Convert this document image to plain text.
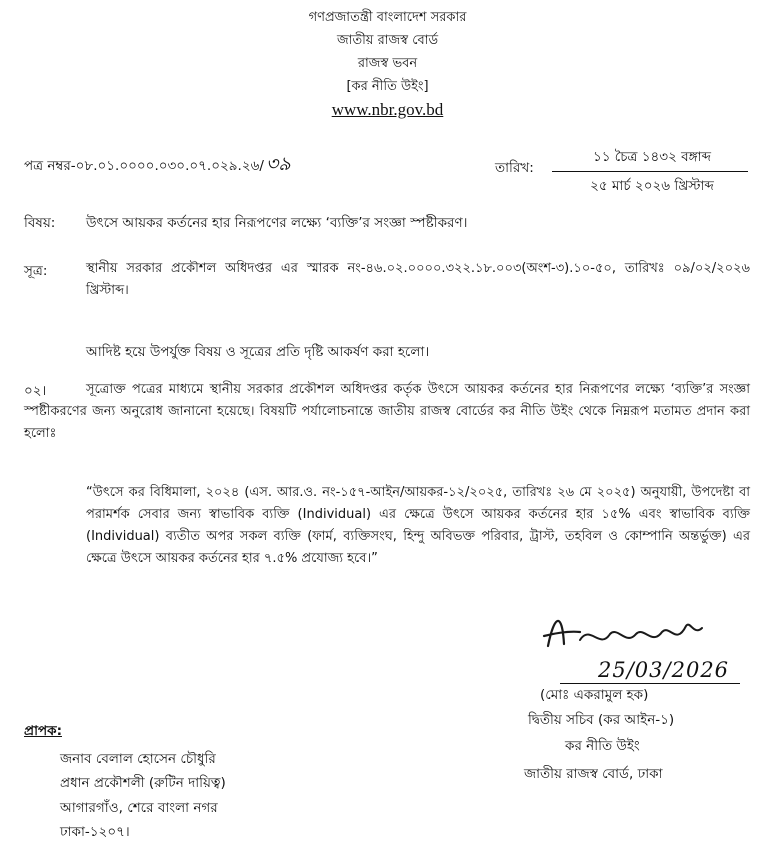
গণপ্রজাতন্ত্রী বাংলাদেশ সরকার
জাতীয় রাজস্ব বোর্ড
রাজস্ব ভবন
[কর নীতি উইং]
www.nbr.gov.bd
পত্র নম্বর-০৮.০১.০০০০.০৩০.০৭.০২৯.২৬/ ৩৯	তারিখ:
১১ চৈত্র ১৪৩২ বঙ্গাব্দ
২৫ মার্চ ২০২৬ খ্রিস্টাব্দ
বিষয়: উৎসে আয়কর কর্তনের হার নিরূপণের লক্ষ্যে ‘ব্যক্তি’র সংজ্ঞা স্পষ্টীকরণ।
সূত্র:	স্থানীয় সরকার প্রকৌশল অধিদপ্তর এর স্মারক নং-৪৬.০২.০০০০.৩২২.১৮.০০৩(অংশ-৩).১০-৫০, তারিখঃ ০৯/০২/২০২৬ খ্রিস্টাব্দ।
আদিষ্ট হয়ে উপর্যুক্ত বিষয় ও সূত্রের প্রতি দৃষ্টি আকর্ষণ করা হলো।
০২।	সূত্রোক্ত পত্রের মাধ্যমে স্থানীয় সরকার প্রকৌশল অধিদপ্তর কর্তৃক উৎসে আয়কর কর্তনের হার নিরূপণের লক্ষ্যে ‘ব্যক্তি’র সংজ্ঞা স্পষ্টীকরণের জন্য অনুরোধ জানানো হয়েছে। বিষয়টি পর্যালোচনান্তে জাতীয় রাজস্ব বোর্ডের কর নীতি উইং থেকে নিম্নরূপ মতামত প্রদান করা হলোঃ
“উৎসে কর বিধিমালা, ২০২৪ (এস. আর.ও. নং-১৫৭-আইন/আয়কর-১২/২০২৫, তারিখঃ ২৬ মে ২০২৫) অনুযায়ী, উপদেষ্টা বা পরামর্শক সেবার জন্য স্বাভাবিক ব্যক্তি (Individual) এর ক্ষেত্রে উৎসে আয়কর কর্তনের হার ১৫% এবং স্বাভাবিক ব্যক্তি (Individual) ব্যতীত অপর সকল ব্যক্তি (ফার্ম, ব্যক্তিসংঘ, হিন্দু অবিভক্ত পরিবার, ট্রাস্ট, তহবিল ও কোম্পানি অন্তর্ভুক্ত) এর ক্ষেত্রে উৎসে আয়কর কর্তনের হার ৭.৫% প্রযোজ্য হবে।”
25/03/2026
(মোঃ একরামুল হক)
দ্বিতীয় সচিব (কর আইন-১)
কর নীতি উইং
জাতীয় রাজস্ব বোর্ড, ঢাকা
প্রাপক:
জনাব বেলাল হোসেন চৌধুরি
প্রধান প্রকৌশলী (রুটিন দায়িত্ব)
আগারগাঁও, শেরে বাংলা নগর
ঢাকা-১২০৭।
